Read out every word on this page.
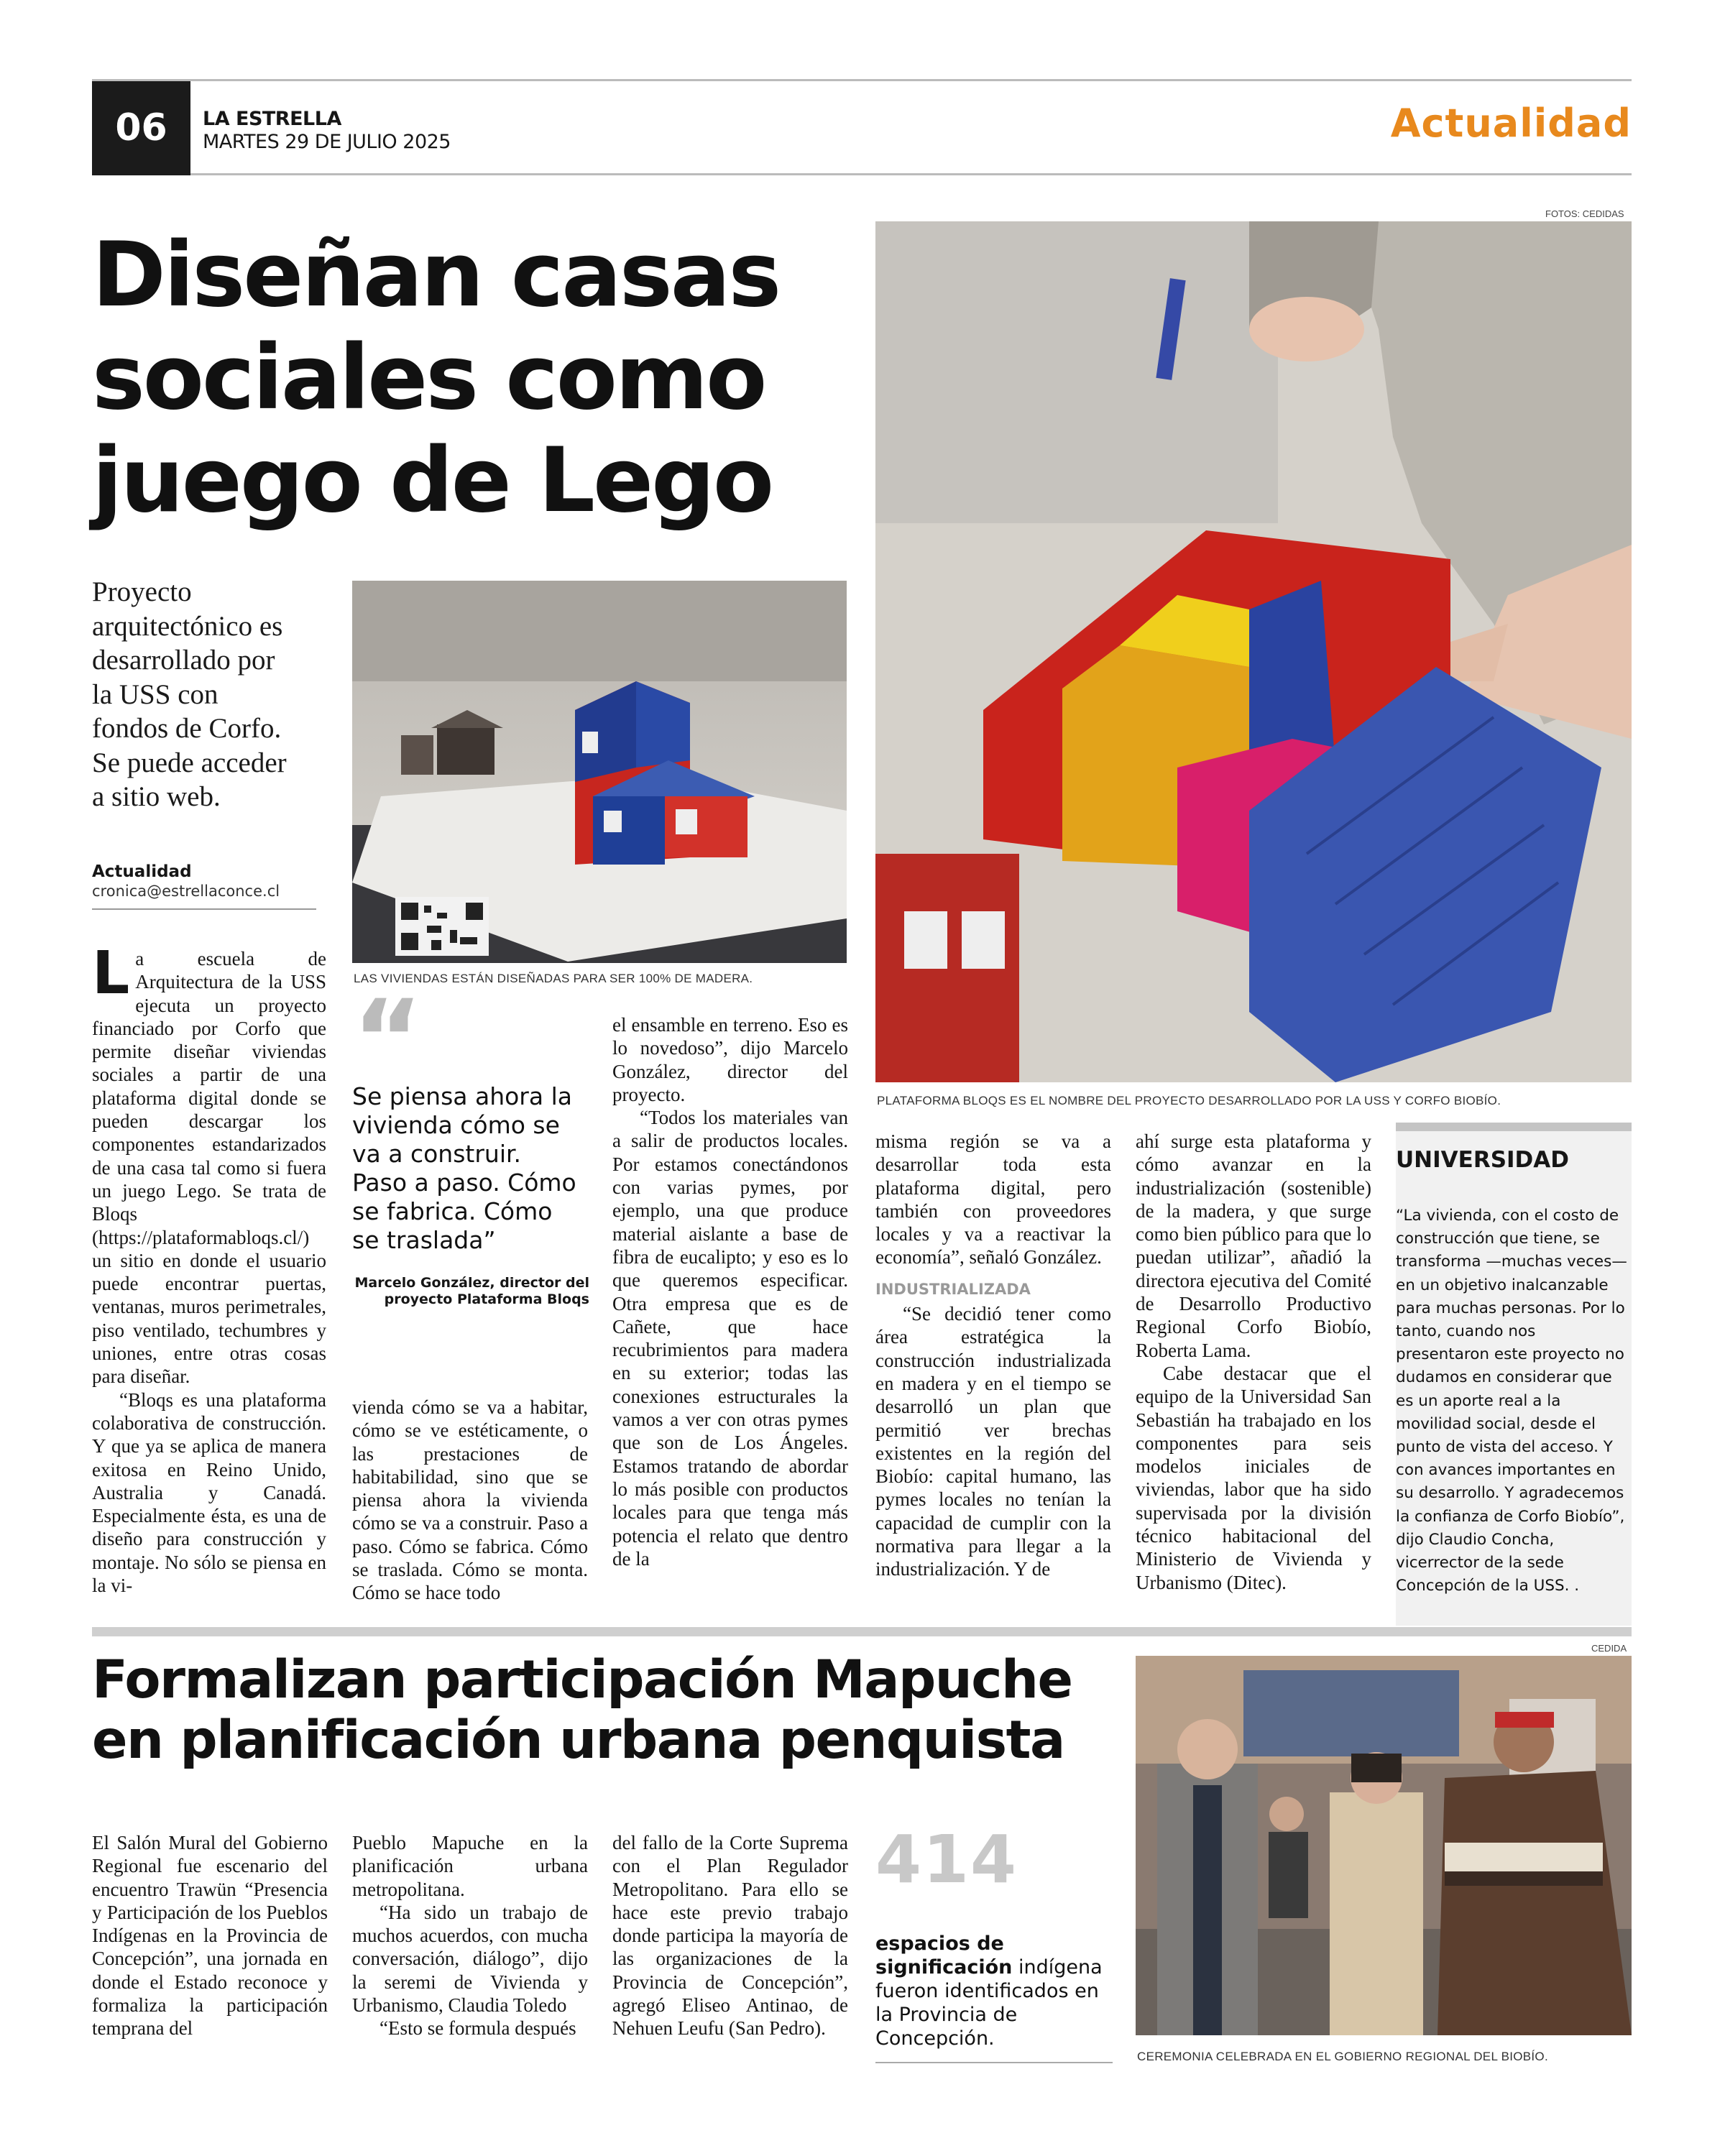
06	LA ESTRELLA
MARTES 29 DE JULIO 2025	Actualidad
Diseñan casas
sociales como
juego de Lego
Proyecto
arquitectónico es
desarrollado por
la USS con
fondos de Corfo.
Se puede acceder
a sitio web.
Actualidad
cronica@estrellaconce.cl
LAS VIVIENDAS ESTÁN DISEÑADAS PARA SER 100% DE MADERA.
FOTOS: CEDIDAS
PLATAFORMA BLOQS ES EL NOMBRE DEL PROYECTO DESARROLLADO POR LA USS Y CORFO BIOBÍO.
L a escuela de Arquitectura de la USS ejecuta un proyecto financiado por Corfo que permite diseñar viviendas sociales a partir de una plataforma digital donde se pueden descargar los componentes estandarizados de una casa tal como si fuera un juego Lego. Se trata de Bloqs (https://plataformabloqs.cl/) un sitio en donde el usuario puede encontrar puertas, ventanas, muros perimetrales, piso ventilado, techumbres y uniones, entre otras cosas para diseñar.

“Bloqs es una plataforma colaborativa de construcción. Y que ya se aplica de manera exitosa en Reino Unido, Australia y Canadá. Especialmente ésta, es una de diseño para construcción y montaje. No sólo se piensa en la vi-

“
Se piensa ahora la
vivienda cómo se
va a construir.
Paso a paso. Cómo
se fabrica. Cómo
se traslada”
Marcelo González, director del
proyecto Plataforma Bloqs

vienda cómo se va a habitar, cómo se ve estéticamente, o las prestaciones de habitabilidad, sino que se piensa ahora la vivienda cómo se va a construir. Paso a paso. Cómo se fabrica. Cómo se traslada. Cómo se monta. Cómo se hace todo

el ensamble en terreno. Eso es lo novedoso”, dijo Marcelo González, director del proyecto.

“Todos los materiales van a salir de productos locales. Por estamos conectándonos con varias pymes, por ejemplo, una que produce material aislante a base de fibra de eucalipto; y eso es lo que queremos especificar. Otra empresa que es de Cañete, que hace recubrimientos para madera en su exterior; todas las conexiones estructurales la vamos a ver con otras pymes que son de Los Ángeles. Estamos tratando de abordar lo más posible con productos locales para que tenga más potencia el relato que dentro de la

misma región se va a desarrollar toda esta plataforma digital, pero también con proveedores locales y va a reactivar la economía”, señaló González.

INDUSTRIALIZADA

“Se decidió tener como área estratégica la construcción industrializada en madera y en el tiempo se desarrolló un plan que permitió ver brechas existentes en la región del Biobío: capital humano, las pymes locales no tenían la capacidad de cumplir con la normativa para llegar a la industrialización. Y de

ahí surge esta plataforma y cómo avanzar en la industrialización (sostenible) de la madera, y que surge como bien público para que lo puedan utilizar”, añadió la directora ejecutiva del Comité de Desarrollo Productivo Regional Corfo Biobío, Roberta Lama.

Cabe destacar que el equipo de la Universidad San Sebastián ha trabajado en los componentes para seis modelos iniciales de viviendas, labor que ha sido supervisada por la división técnico habitacional del Ministerio de Vivienda y Urbanismo (Ditec).

UNIVERSIDAD
“La vivienda, con el costo de construcción que tiene, se transforma —muchas veces— en un objetivo inalcanzable para muchas personas. Por lo tanto, cuando nos presentaron este proyecto no dudamos en considerar que es un aporte real a la movilidad social, desde el punto de vista del acceso. Y con avances importantes en su desarrollo. Y agradecemos la confianza de Corfo Biobío”, dijo Claudio Concha, vicerrector de la sede Concepción de la USS. .
Formalizan participación Mapuche
en planificación urbana penquista

El Salón Mural del Gobierno Regional fue escenario del encuentro Trawün “Presencia y Participación de los Pueblos Indígenas en la Provincia de Concepción”, una jornada en donde el Estado reconoce y formaliza la participación temprana del

Pueblo Mapuche en la planificación urbana metropolitana.

“Ha sido un trabajo de muchos acuerdos, con mucha conversación, diálogo”, dijo la seremi de Vivienda y Urbanismo, Claudia Toledo

“Esto se formula después

del fallo de la Corte Suprema con el Plan Regulador Metropolitano. Para ello se hace este previo trabajo donde participa la mayoría de las organizaciones de la Provincia de Concepción”, agregó Eliseo Antinao, de Nehuen Leufu (San Pedro).

414
espacios de significación indígena fueron identificados en la Provincia de Concepción.
CEDIDA
CEREMONIA CELEBRADA EN EL GOBIERNO REGIONAL DEL BIOBÍO.
